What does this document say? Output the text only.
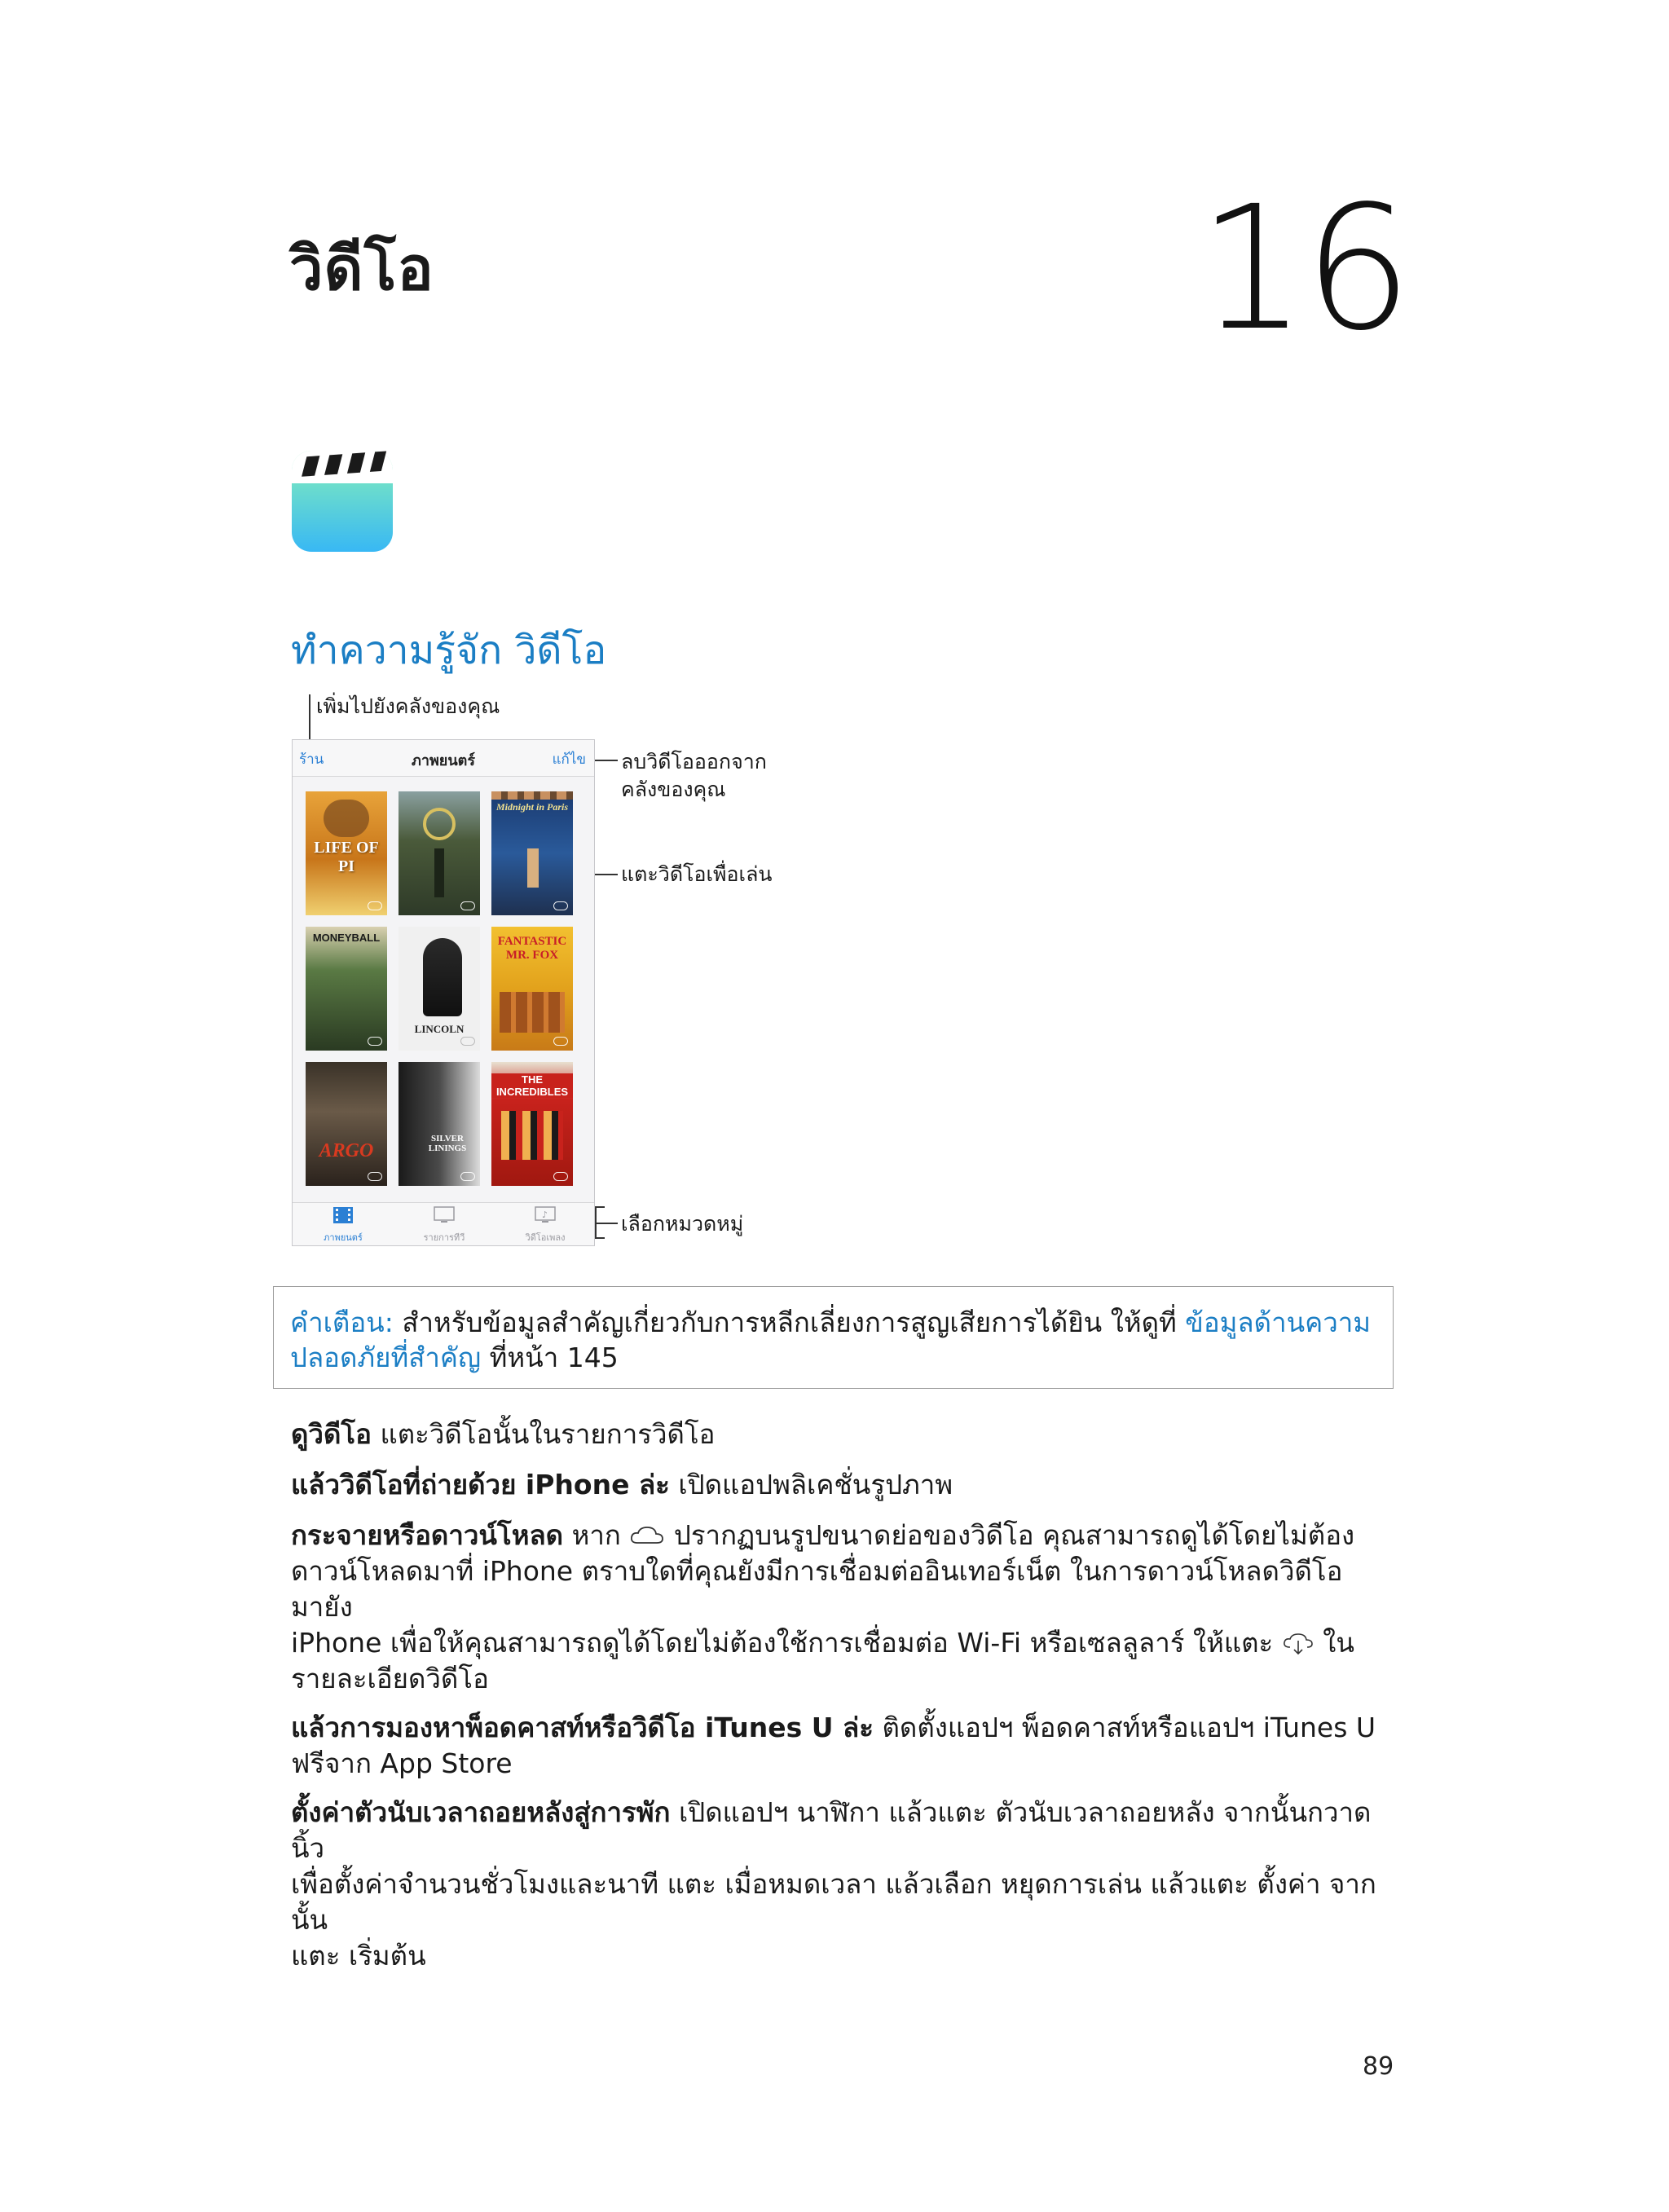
วิดีโอ	16
ทำความรู้จัก วิดีโอ
เพิ่มไปยังคลังของคุณ
ลบวิดีโอออกจาก
คลังของคุณ
แตะวิดีโอเพื่อเล่น
เลือกหมวดหมู่
ร้าน	ภาพยนตร์	แก้ไข
LIFE OF PI
Midnight in Paris
MONEYBALL
LINCOLN
FANTASTIC MR. FOX
ARGO
SILVER LININGS
THE INCREDIBLES
ภาพยนตร์	รายการทีวี
♪
วิดีโอเพลง
คำเตือน: สำหรับข้อมูลสำคัญเกี่ยวกับการหลีกเลี่ยงการสูญเสียการได้ยิน ให้ดูที่ ข้อมูลด้านความ
ปลอดภัยที่สำคัญ ที่หน้า 145
ดูวิดีโอ แตะวิดีโอนั้นในรายการวิดีโอ
แล้ววิดีโอที่ถ่ายด้วย iPhone ล่ะ เปิดแอปพลิเคชั่นรูปภาพ
กระจายหรือดาวน์โหลด หาก ปรากฏบนรูปขนาดย่อของวิดีโอ คุณสามารถดูได้โดยไม่ต้อง
ดาวน์โหลดมาที่ iPhone ตราบใดที่คุณยังมีการเชื่อมต่ออินเทอร์เน็ต ในการดาวน์โหลดวิดีโอมายัง
iPhone เพื่อให้คุณสามารถดูได้โดยไม่ต้องใช้การเชื่อมต่อ Wi-Fi หรือเซลลูลาร์ ให้แตะ ใน
รายละเอียดวิดีโอ
แล้วการมองหาพ็อดคาสท์หรือวิดีโอ iTunes U ล่ะ ติดตั้งแอปฯ พ็อดคาสท์หรือแอปฯ iTunes U
ฟรีจาก App Store
ตั้งค่าตัวนับเวลาถอยหลังสู่การพัก เปิดแอปฯ นาฬิกา แล้วแตะ ตัวนับเวลาถอยหลัง จากนั้นกวาดนิ้ว
เพื่อตั้งค่าจำนวนชั่วโมงและนาที แตะ เมื่อหมดเวลา แล้วเลือก หยุดการเล่น แล้วแตะ ตั้งค่า จากนั้น
แตะ เริ่มต้น
89
